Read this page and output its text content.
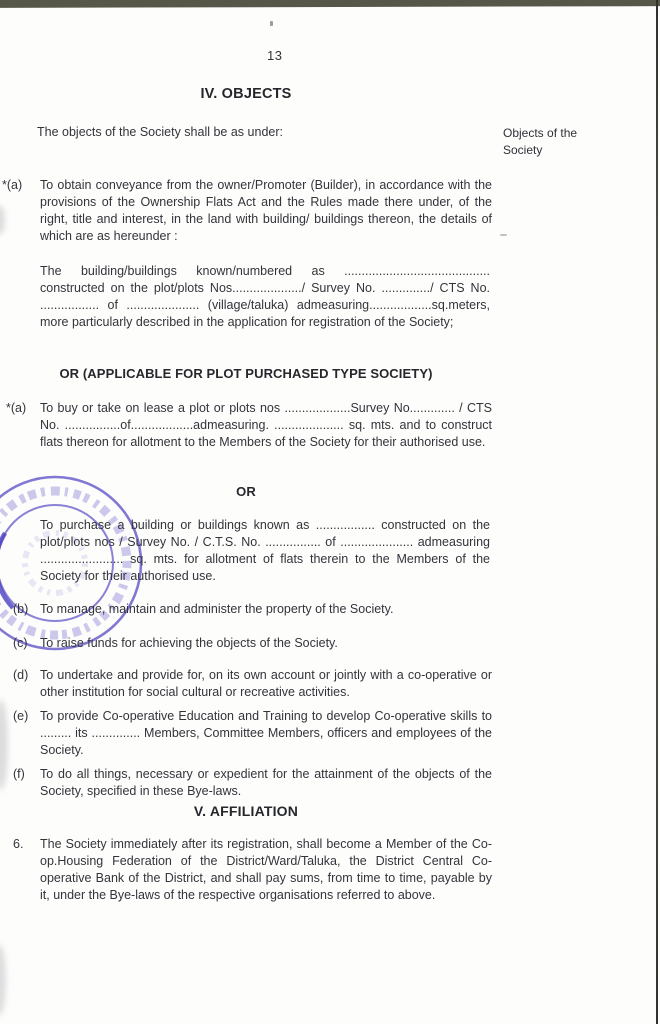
13
IV. OBJECTS
The objects of the Society shall be as under:	Objects of the Society
*(a)	To obtain conveyance from the owner/Promoter (Builder), in accordance with the provisions of the Ownership Flats Act and the Rules made there under, of the right, title and interest, in the land with building/ buildings thereon, the details of which are as hereunder :
The building/buildings known/numbered as .......................................... constructed on the plot/plots Nos..................../ Survey No. ............../ CTS No. ................. of ..................... (village/taluka) admeasuring..................sq.meters, more particularly described in the application for registration of the Society;
OR (APPLICABLE FOR PLOT PURCHASED TYPE SOCIETY)
*(a)	To buy or take on lease a plot or plots nos ...................Survey No............. / CTS No. ................of..................admeasuring. .................... sq. mts. and to construct flats thereon for allotment to the Members of the Society for their authorised use.
OR
To purchase a building or buildings known as ................. constructed on the plot/plots nos / Survey No. / C.T.S. No. ................ of ..................... admeasuring ........................ sq. mts. for allotment of flats therein to the Members of the Society for their authorised use.
(b) To manage, maintain and administer the property of the Society.
(c) To raise funds for achieving the objects of the Society.
(d) To undertake and provide for, on its own account or jointly with a co-operative or other institution for social cultural or recreative activities.
(e) To provide Co-operative Education and Training to develop Co-operative skills to ......... its .............. Members, Committee Members, officers and employees of the Society.
(f)	To do all things, necessary or expedient for the attainment of the objects of the Society, specified in these Bye-laws.
V. AFFILIATION
6.	The Society immediately after its registration, shall become a Member of the Co-op.Housing Federation of the District/Ward/Taluka, the District Central Co-operative Bank of the District, and shall pay sums, from time to time, payable by it, under the Bye-laws of the respective organisations referred to above.
